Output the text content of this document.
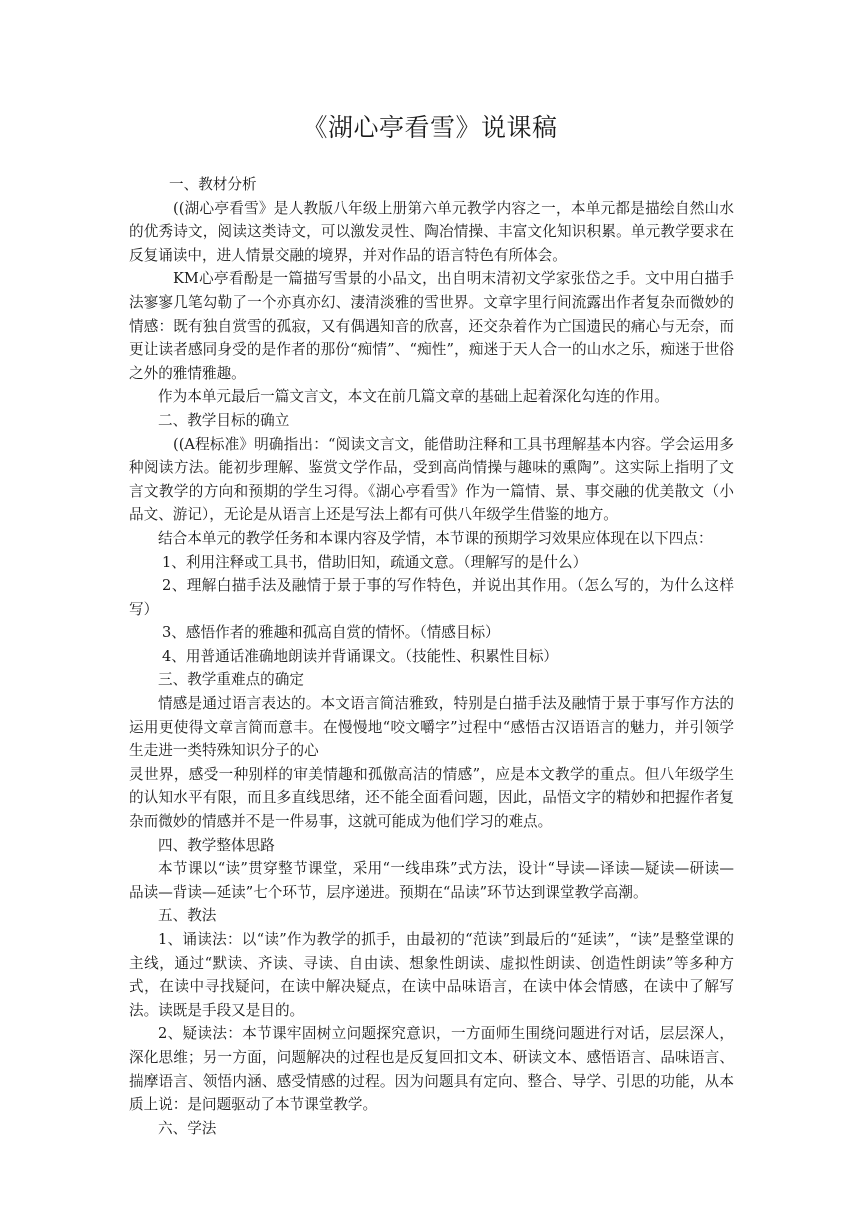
《湖心亭看雪》说课稿

一、教材分析

((湖心亭看雪》是人教版八年级上册第六单元教学内容之一，本单元都是描绘自然山水的优秀诗文，阅读这类诗文，可以激发灵性、陶冶情操、丰富文化知识积累。单元教学要求在反复诵读中，进人情景交融的境界，并对作品的语言特色有所体会。

KM心亭看酚是一篇描写雪景的小品文，出自明末清初文学家张岱之手。文中用白描手法寥寥几笔勾勒了一个亦真亦幻、淒清淡雅的雪世界。文章字里行间流露出作者复杂而微妙的情感：既有独自赏雪的孤寂，又有偶遇知音的欣喜，还交杂着作为亡国遗民的痛心与无奈，而更让读者感同身受的是作者的那份“痴情”、“痴性”，痴迷于天人合一的山水之乐，痴迷于世俗之外的雅情雅趣。

作为本单元最后一篇文言文，本文在前几篇文章的基础上起着深化勾连的作用。

二、教学目标的确立

((A程标准》明确指出：“阅读文言文，能借助注释和工具书理解基本内容。学会运用多种阅读方法。能初步理解、鉴赏文学作品，受到高尚情操与趣味的熏陶”。这实际上指明了文言文教学的方向和预期的学生习得。《湖心亭看雪》作为一篇情、景、事交融的优美散文（小品文、游记），无论是从语言上还是写法上都有可供八年级学生借鉴的地方。

结合本单元的教学任务和本课内容及学情，本节课的预期学习效果应体现在以下四点：

1、利用注释或工具书，借助旧知，疏通文意。（理解写的是什么）

2、理解白描手法及融情于景于事的写作特色，并说出其作用。（怎么写的，为什么这样写）

3、感悟作者的雅趣和孤高自赏的情怀。（情感目标）

4、用普通话准确地朗读并背诵课文。（技能性、积累性目标）

三、教学重难点的确定

情感是通过语言表达的。本文语言简洁雅致，特别是白描手法及融情于景于事写作方法的运用更使得文章言简而意丰。在慢慢地“咬文嚼字”过程中“感悟古汉语语言的魅力，并引领学生走进一类特殊知识分子的心

灵世界，感受一种别样的审美情趣和孤傲高洁的情感”，应是本文教学的重点。但八年级学生的认知水平有限，而且多直线思绪，还不能全面看问题，因此，品悟文字的精妙和把握作者复杂而微妙的情感并不是一件易事，这就可能成为他们学习的难点。

四、教学整体思路

本节课以“读”贯穿整节课堂，采用“一线串珠”式方法，设计“导读—译读—疑读—研读—品读—背读—延读”七个环节，层序递进。预期在“品读”环节达到课堂教学高潮。

五、教法

1、诵读法：以“读”作为教学的抓手，由最初的“范读”到最后的“延读”，“读”是整堂课的主线，通过“默读、齐读、寻读、自由读、想象性朗读、虚拟性朗读、创造性朗读”等多种方式，在读中寻找疑问，在读中解决疑点，在读中品味语言，在读中体会情感，在读中了解写法。读既是手段又是目的。

2、疑读法：本节课牢固树立问题探究意识，一方面师生围绕问题进行对话，层层深人，深化思维；另一方面，问题解决的过程也是反复回扣文本、研读文本、感悟语言、品味语言、揣摩语言、领悟内涵、感受情感的过程。因为问题具有定向、整合、导学、引思的功能，从本质上说：是问题驱动了本节课堂教学。

六、学法
